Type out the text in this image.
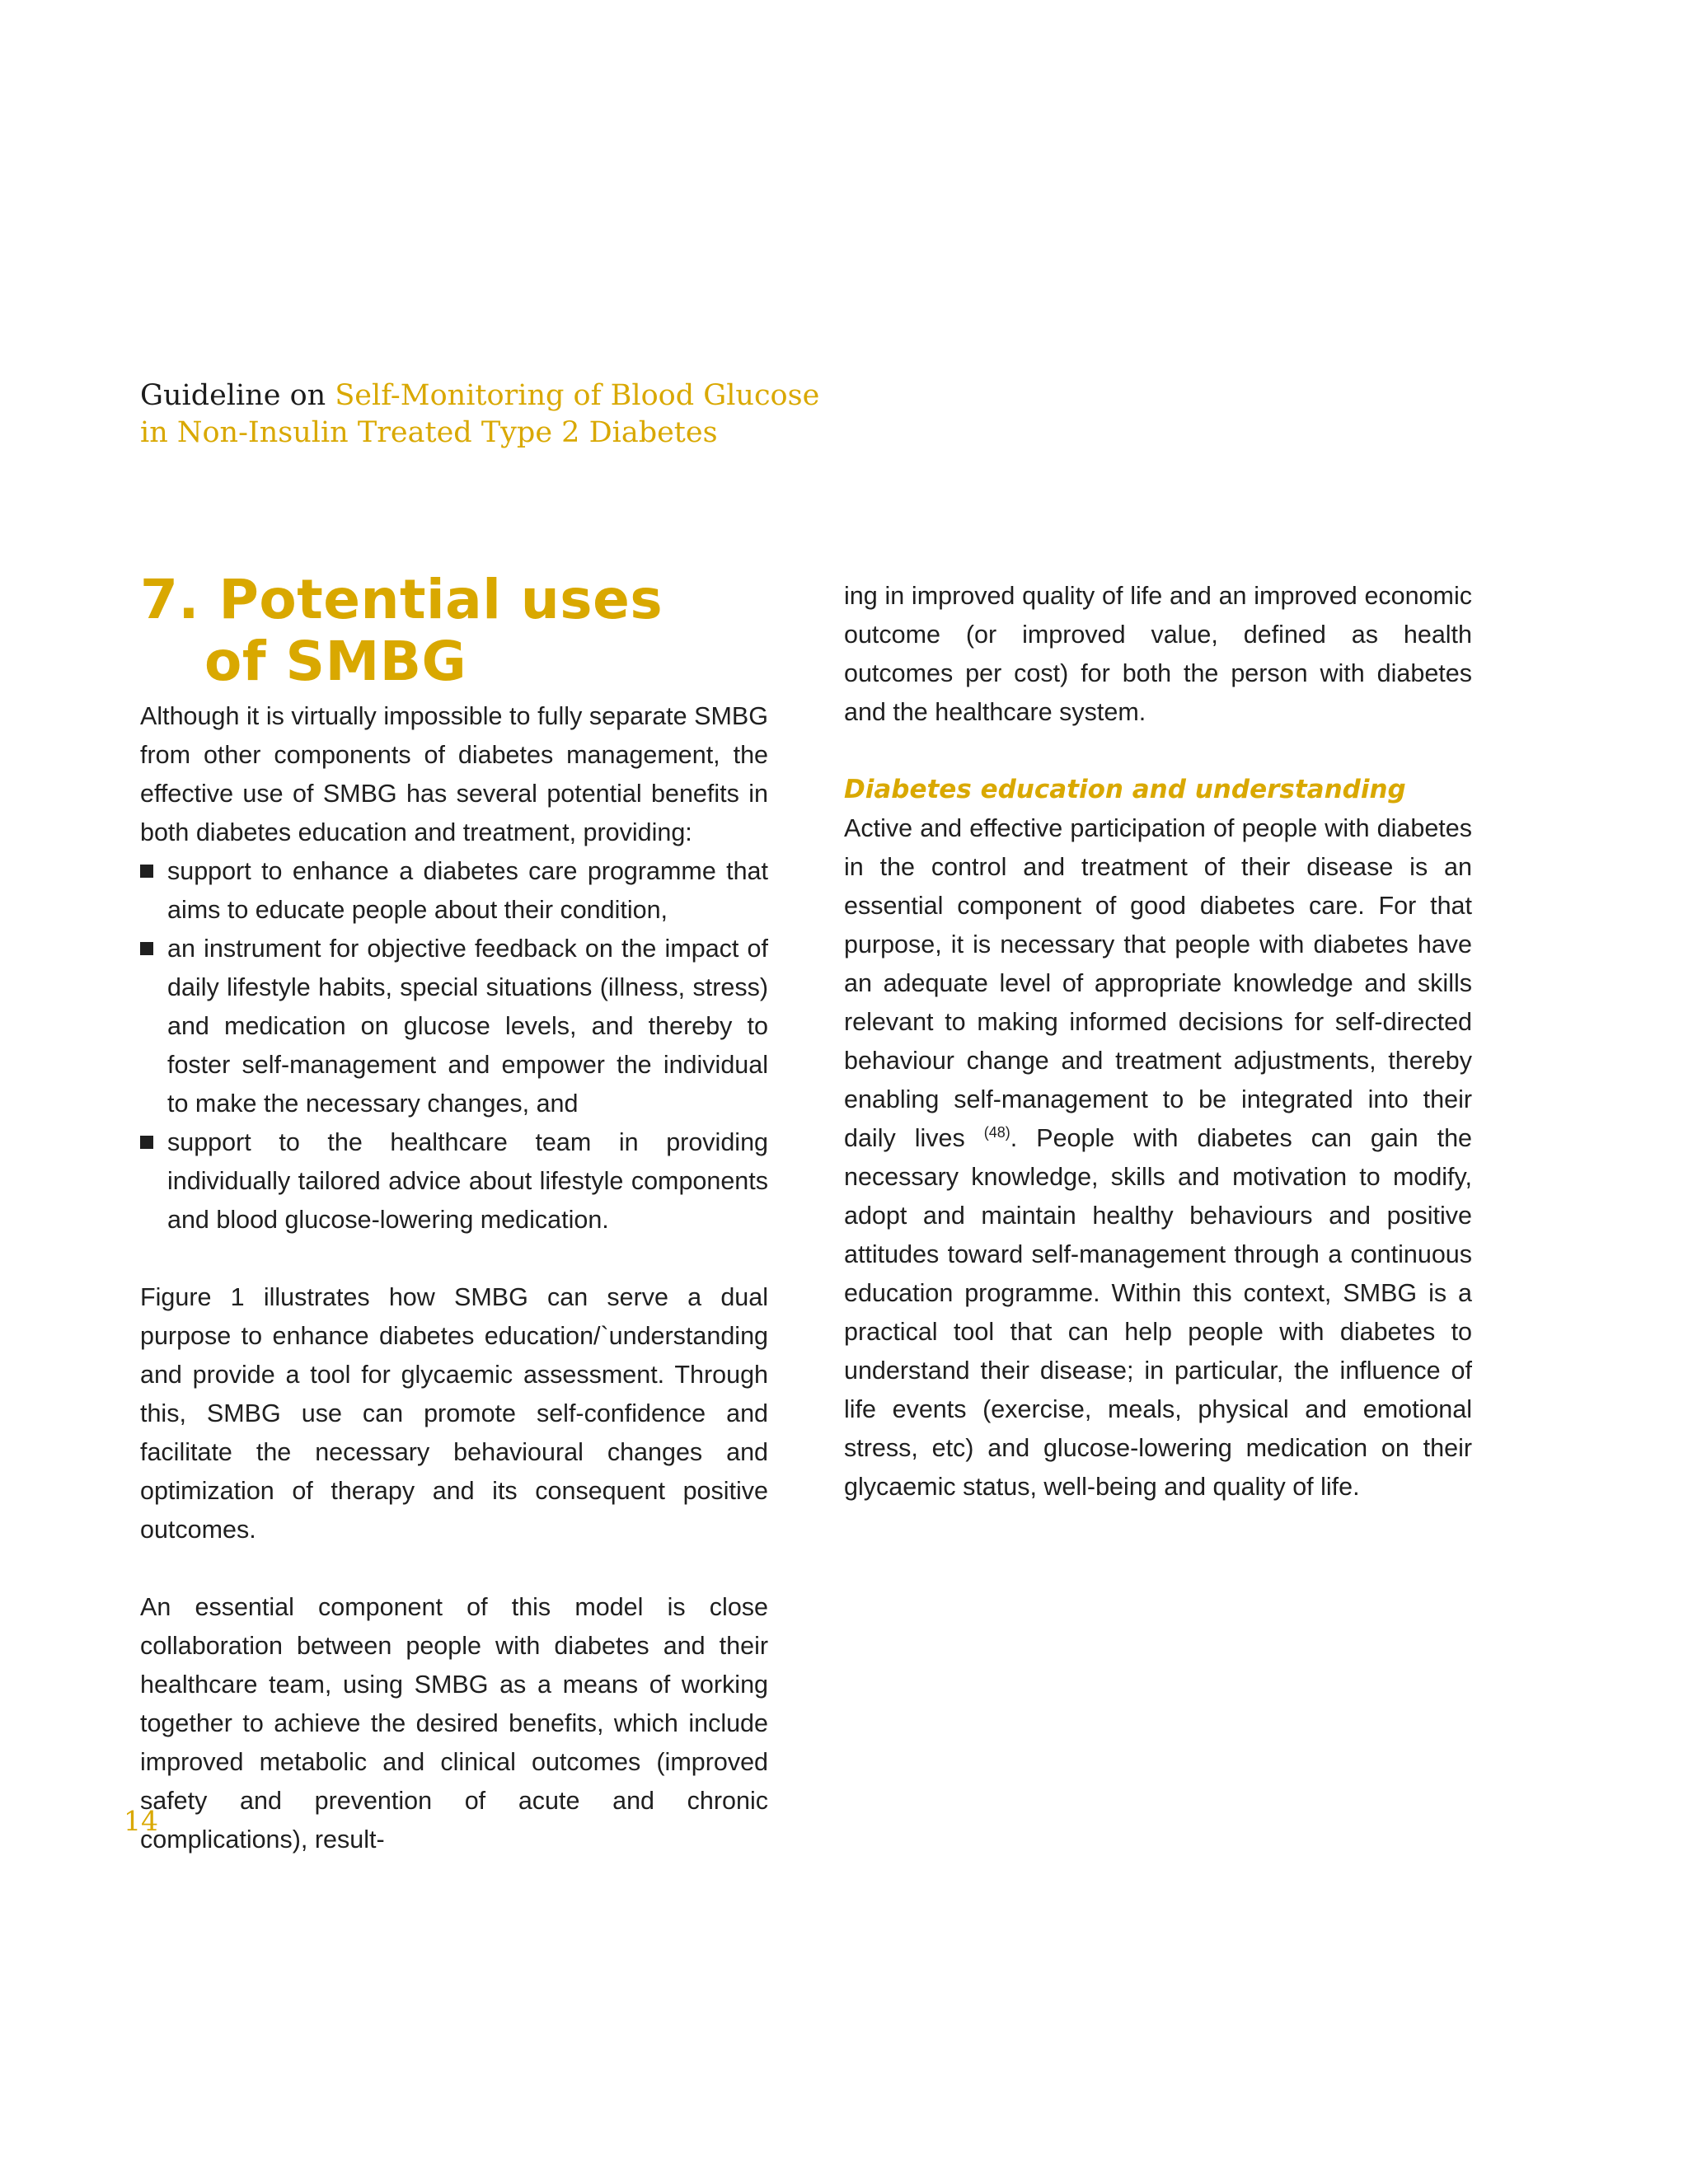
Guideline on Self-Monitoring of Blood Glucose
in Non-Insulin Treated Type 2 Diabetes
7. Potential uses
of SMBG

Although it is virtually impossible to fully separate SMBG from other components of diabetes management, the effective use of SMBG has several potential benefits in both diabetes education and treatment, providing:

support to enhance a diabetes care programme that aims to educate people about their condition,
an instrument for objective feedback on the impact of daily lifestyle habits, special situations (illness, stress) and medication on glucose levels, and thereby to foster self-management and empower the individual to make the necessary changes, and
support to the healthcare team in providing individually tailored advice about lifestyle components and blood glucose-lowering medication.

Figure 1 illustrates how SMBG can serve a dual purpose to enhance diabetes education/`understanding and provide a tool for glycaemic assessment. Through this, SMBG use can promote self-confidence and facilitate the necessary behavioural changes and optimization of therapy and its consequent positive outcomes.

An essential component of this model is close collaboration between people with diabetes and their healthcare team, using SMBG as a means of working together to achieve the desired benefits, which include improved metabolic and clinical outcomes (improved safety and prevention of acute and chronic complications), result-

ing in improved quality of life and an improved economic outcome (or improved value, defined as health outcomes per cost) for both the person with diabetes and the healthcare system.

Diabetes education and understanding

Active and effective participation of people with diabetes in the control and treatment of their disease is an essential component of good diabetes care. For that purpose, it is necessary that people with diabetes have an adequate level of appropriate knowledge and skills relevant to making informed decisions for self-directed behaviour change and treatment adjustments, thereby enabling self-management to be integrated into their daily lives $^{(48)}$. People with diabetes can gain the necessary knowledge, skills and motivation to modify, adopt and maintain healthy behaviours and positive attitudes toward self-management through a continuous education programme. Within this context, SMBG is a practical tool that can help people with diabetes to understand their disease; in particular, the influence of life events (exercise, meals, physical and emotional stress, etc) and glucose-lowering medication on their glycaemic status, well-being and quality of life.

14
